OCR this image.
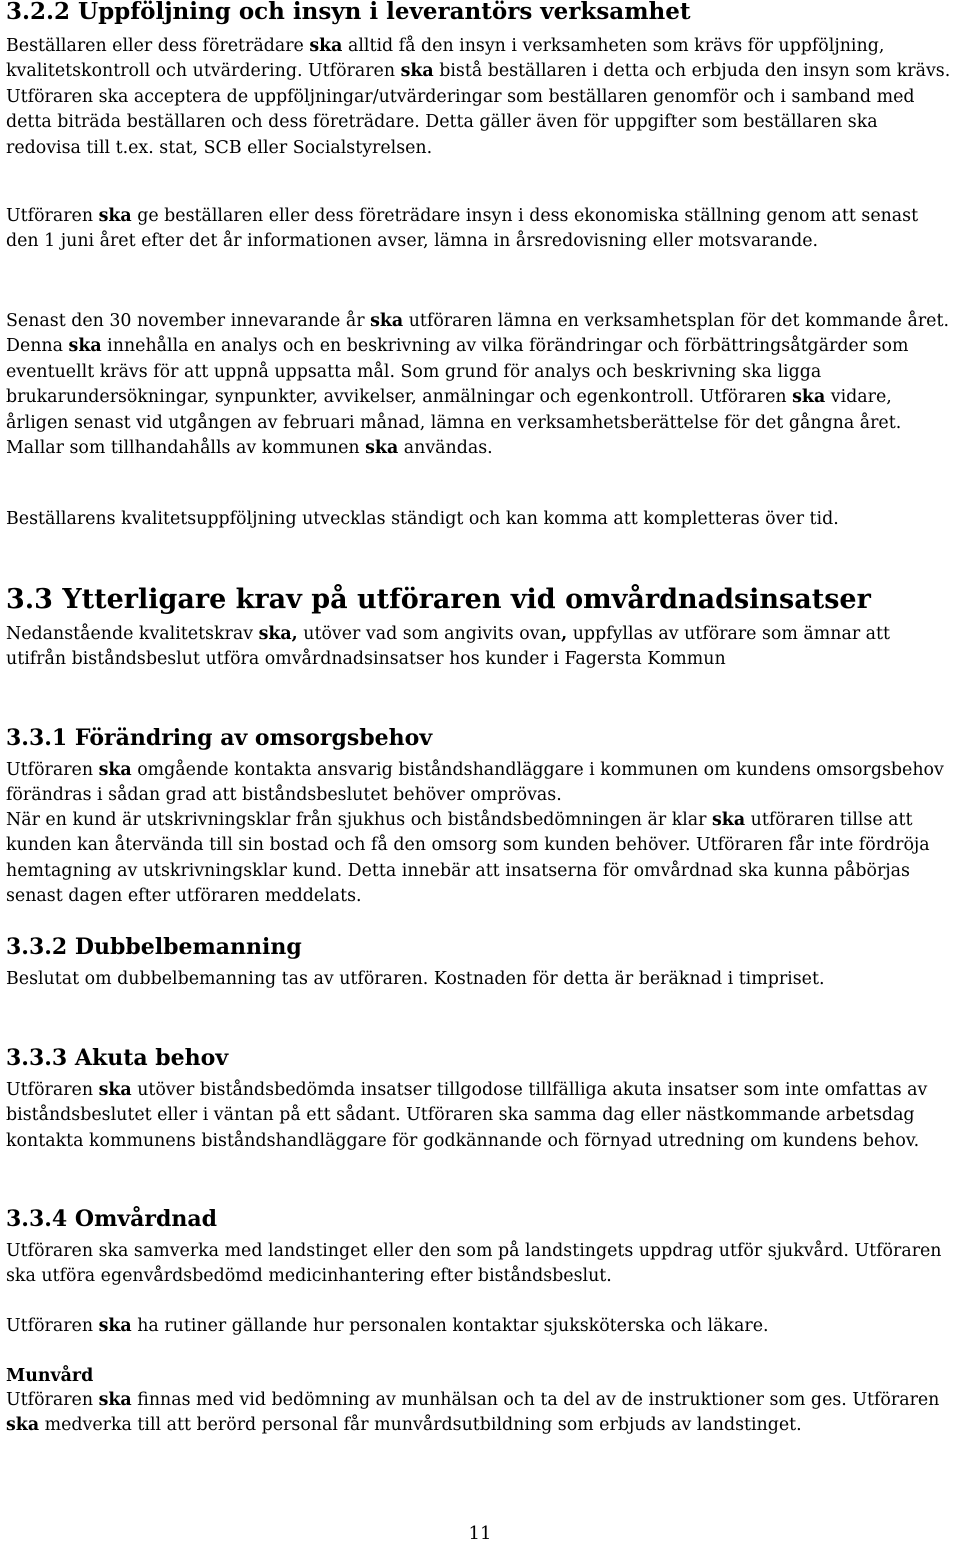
3.2.2 Uppföljning och insyn i leverantörs verksamhet

Beställaren eller dess företrädare ska alltid få den insyn i verksamheten som krävs för uppföljning, kvalitetskontroll och utvärdering. Utföraren ska bistå beställaren i detta och erbjuda den insyn som krävs. Utföraren ska acceptera de uppföljningar/utvärderingar som beställaren genomför och i samband med detta biträda beställaren och dess företrädare. Detta gäller även för uppgifter som beställaren ska redovisa till t.ex. stat, SCB eller Socialstyrelsen.

Utföraren ska ge beställaren eller dess företrädare insyn i dess ekonomiska ställning genom att senast den 1 juni året efter det år informationen avser, lämna in årsredovisning eller motsvarande.

Senast den 30 november innevarande år ska utföraren lämna en verksamhetsplan för det kommande året. Denna ska innehålla en analys och en beskrivning av vilka förändringar och förbättringsåtgärder som eventuellt krävs för att uppnå uppsatta mål. Som grund för analys och beskrivning ska ligga brukarundersökningar, synpunkter, avvikelser, anmälningar och egenkontroll. Utföraren ska vidare, årligen senast vid utgången av februari månad, lämna en verksamhetsberättelse för det gångna året. Mallar som tillhandahålls av kommunen ska användas.

Beställarens kvalitetsuppföljning utvecklas ständigt och kan komma att kompletteras över tid.

3.3 Ytterligare krav på utföraren vid omvårdnadsinsatser

Nedanstående kvalitetskrav ska, utöver vad som angivits ovan, uppfyllas av utförare som ämnar att utifrån biståndsbeslut utföra omvårdnadsinsatser hos kunder i Fagersta Kommun

3.3.1 Förändring av omsorgsbehov

Utföraren ska omgående kontakta ansvarig biståndshandläggare i kommunen om kundens omsorgsbehov förändras i sådan grad att biståndsbeslutet behöver omprövas.

När en kund är utskrivningsklar från sjukhus och biståndsbedömningen är klar ska utföraren tillse att kunden kan återvända till sin bostad och få den omsorg som kunden behöver. Utföraren får inte fördröja hemtagning av utskrivningsklar kund. Detta innebär att insatserna för omvårdnad ska kunna påbörjas senast dagen efter utföraren meddelats.

3.3.2 Dubbelbemanning

Beslutat om dubbelbemanning tas av utföraren. Kostnaden för detta är beräknad i timpriset.

3.3.3 Akuta behov

Utföraren ska utöver biståndsbedömda insatser tillgodose tillfälliga akuta insatser som inte omfattas av biståndsbeslutet eller i väntan på ett sådant. Utföraren ska samma dag eller nästkommande arbetsdag kontakta kommunens biståndshandläggare för godkännande och förnyad utredning om kundens behov.

3.3.4 Omvårdnad

Utföraren ska samverka med landstinget eller den som på landstingets uppdrag utför sjukvård. Utföraren ska utföra egenvårdsbedömd medicinhantering efter biståndsbeslut.

Utföraren ska ha rutiner gällande hur personalen kontaktar sjuksköterska och läkare.

Munvård

Utföraren ska finnas med vid bedömning av munhälsan och ta del av de instruktioner som ges. Utföraren ska medverka till att berörd personal får munvårdsutbildning som erbjuds av landstinget.

11
